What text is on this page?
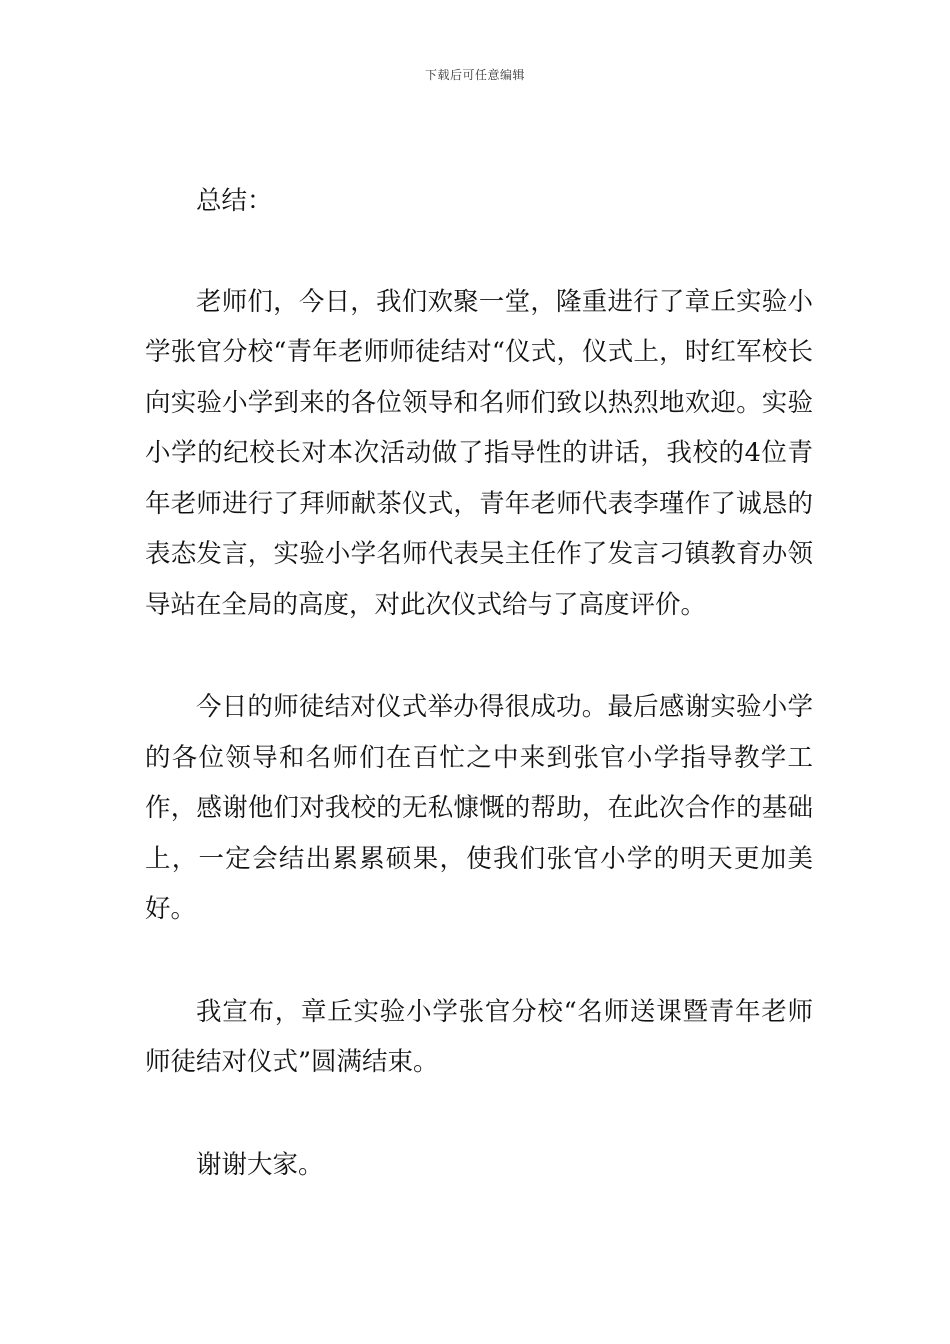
下载后可任意编辑

总结：

老师们，今日，我们欢聚一堂，隆重进行了章丘实验小学张官分校“青年老师师徒结对“仪式，仪式上，时红军校长向实验小学到来的各位领导和名师们致以热烈地欢迎。实验小学的纪校长对本次活动做了指导性的讲话，我校的4位青年老师进行了拜师献茶仪式，青年老师代表李瑾作了诚恳的表态发言，实验小学名师代表吴主任作了发言刁镇教育办领导站在全局的高度，对此次仪式给与了高度评价。

今日的师徒结对仪式举办得很成功。最后感谢实验小学的各位领导和名师们在百忙之中来到张官小学指导教学工作，感谢他们对我校的无私慷慨的帮助，在此次合作的基础上，一定会结出累累硕果，使我们张官小学的明天更加美好。

我宣布，章丘实验小学张官分校“名师送课暨青年老师师徒结对仪式”圆满结束。

谢谢大家。
